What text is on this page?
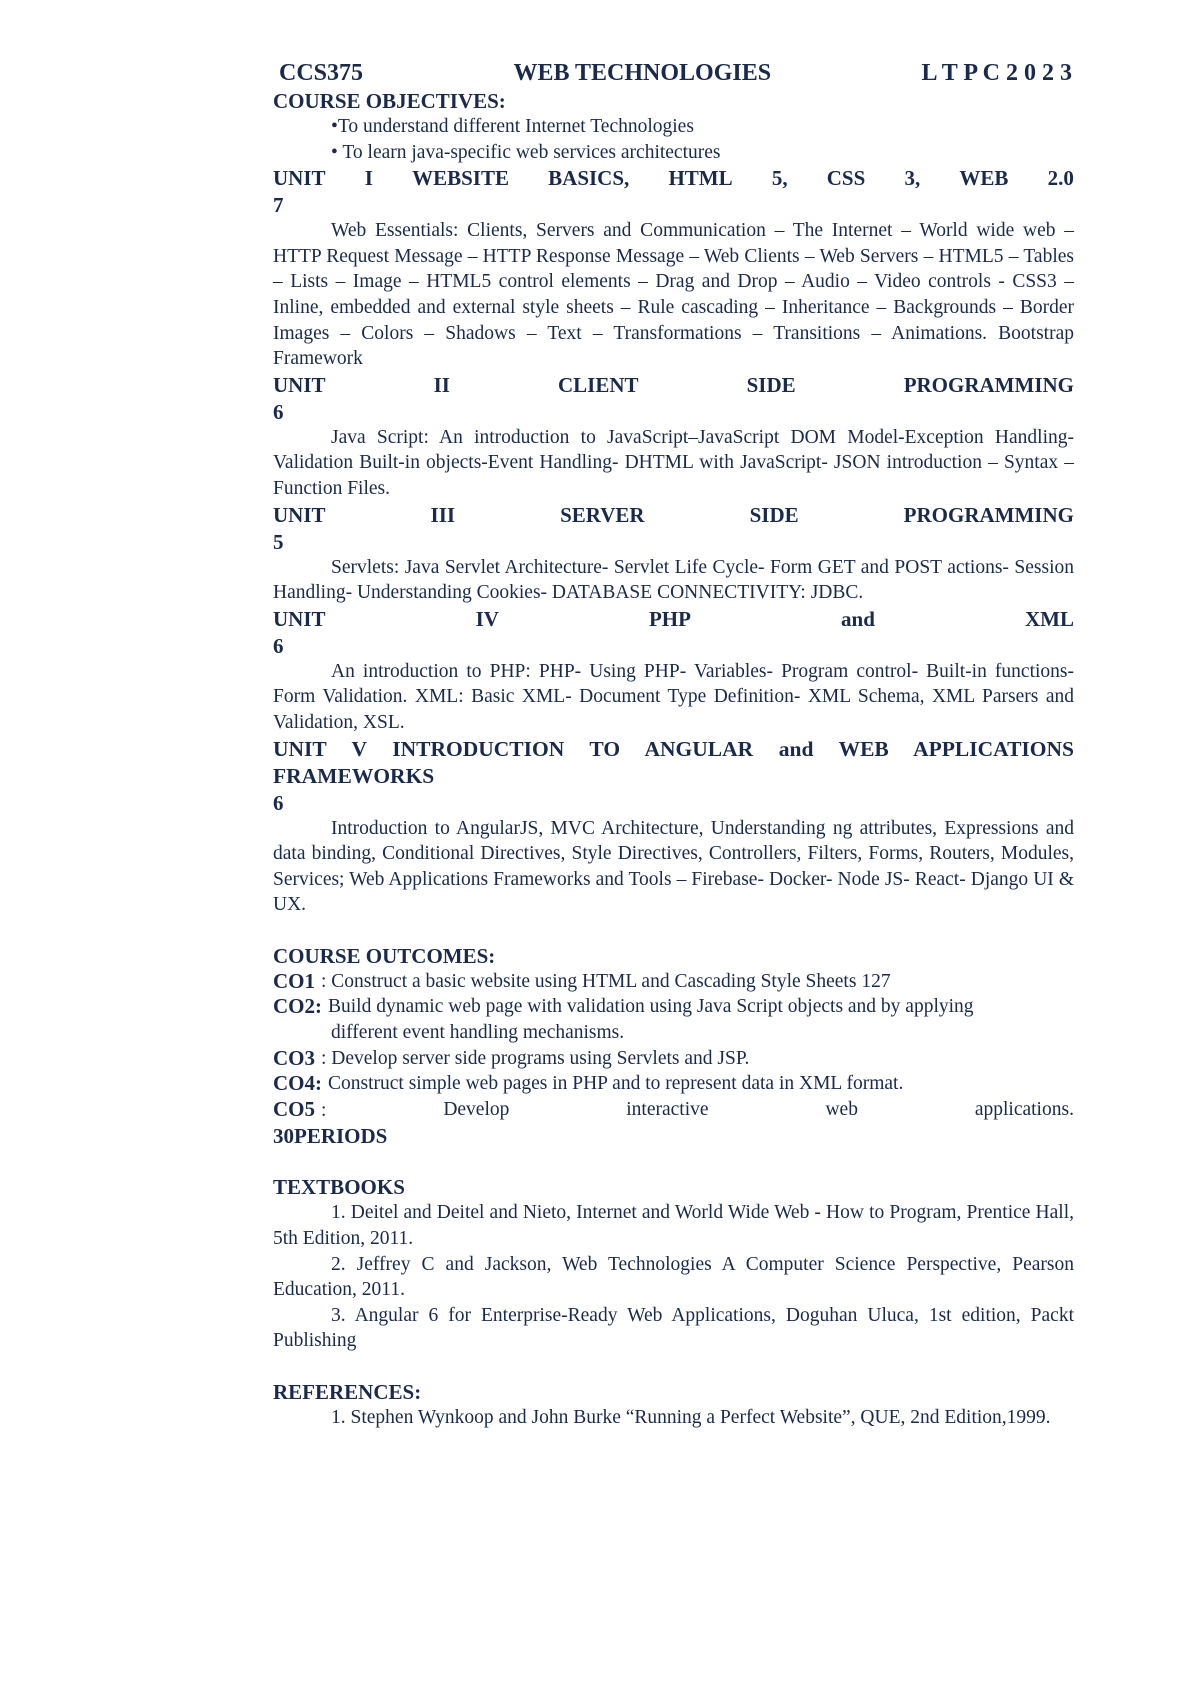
CCS375	WEB TECHNOLOGIES	L T P C 2 0 2 3
COURSE OBJECTIVES:
•To understand different Internet Technologies
• To learn java-specific web services architectures
UNIT I WEBSITE BASICS, HTML 5, CSS 3, WEB 2.0
7
Web Essentials: Clients, Servers and Communication – The Internet – World wide web – HTTP Request Message – HTTP Response Message – Web Clients – Web Servers – HTML5 – Tables – Lists – Image – HTML5 control elements – Drag and Drop – Audio – Video controls - CSS3 – Inline, embedded and external style sheets – Rule cascading – Inheritance – Backgrounds – Border Images – Colors – Shadows – Text – Transformations – Transitions – Animations. Bootstrap Framework
UNIT	II	CLIENT	SIDE	PROGRAMMING
6
Java Script: An introduction to JavaScript–JavaScript DOM Model-Exception Handling-Validation Built-in objects-Event Handling- DHTML with JavaScript- JSON introduction – Syntax – Function Files.
UNIT	III	SERVER	SIDE	PROGRAMMING
5
Servlets: Java Servlet Architecture- Servlet Life Cycle- Form GET and POST actions- Session Handling- Understanding Cookies- DATABASE CONNECTIVITY: JDBC.
UNIT	IV	PHP	and	XML
6
An introduction to PHP: PHP- Using PHP- Variables- Program control- Built-in functions- Form Validation. XML: Basic XML- Document Type Definition- XML Schema, XML Parsers and Validation, XSL.
UNIT V INTRODUCTION TO ANGULAR and WEB APPLICATIONS FRAMEWORKS
6
Introduction to AngularJS, MVC Architecture, Understanding ng attributes, Expressions and data binding, Conditional Directives, Style Directives, Controllers, Filters, Forms, Routers, Modules, Services; Web Applications Frameworks and Tools – Firebase- Docker- Node JS- React- Django UI & UX.
COURSE OUTCOMES:
CO1 : Construct a basic website using HTML and Cascading Style Sheets 127
CO2: Build dynamic web page with validation using Java Script objects and by applying
different event handling mechanisms.
CO3 : Develop server side programs using Servlets and JSP.
CO4: Construct simple web pages in PHP and to represent data in XML format.
CO5 :	Develop	interactive	web	applications.
30PERIODS
TEXTBOOKS
1. Deitel and Deitel and Nieto, Internet and World Wide Web - How to Program, Prentice Hall, 5th Edition, 2011.
2. Jeffrey C and Jackson, Web Technologies A Computer Science Perspective, Pearson Education, 2011.
3. Angular 6 for Enterprise-Ready Web Applications, Doguhan Uluca, 1st edition, Packt Publishing
REFERENCES:
1. Stephen Wynkoop and John Burke “Running a Perfect Website”, QUE, 2nd Edition,1999.
